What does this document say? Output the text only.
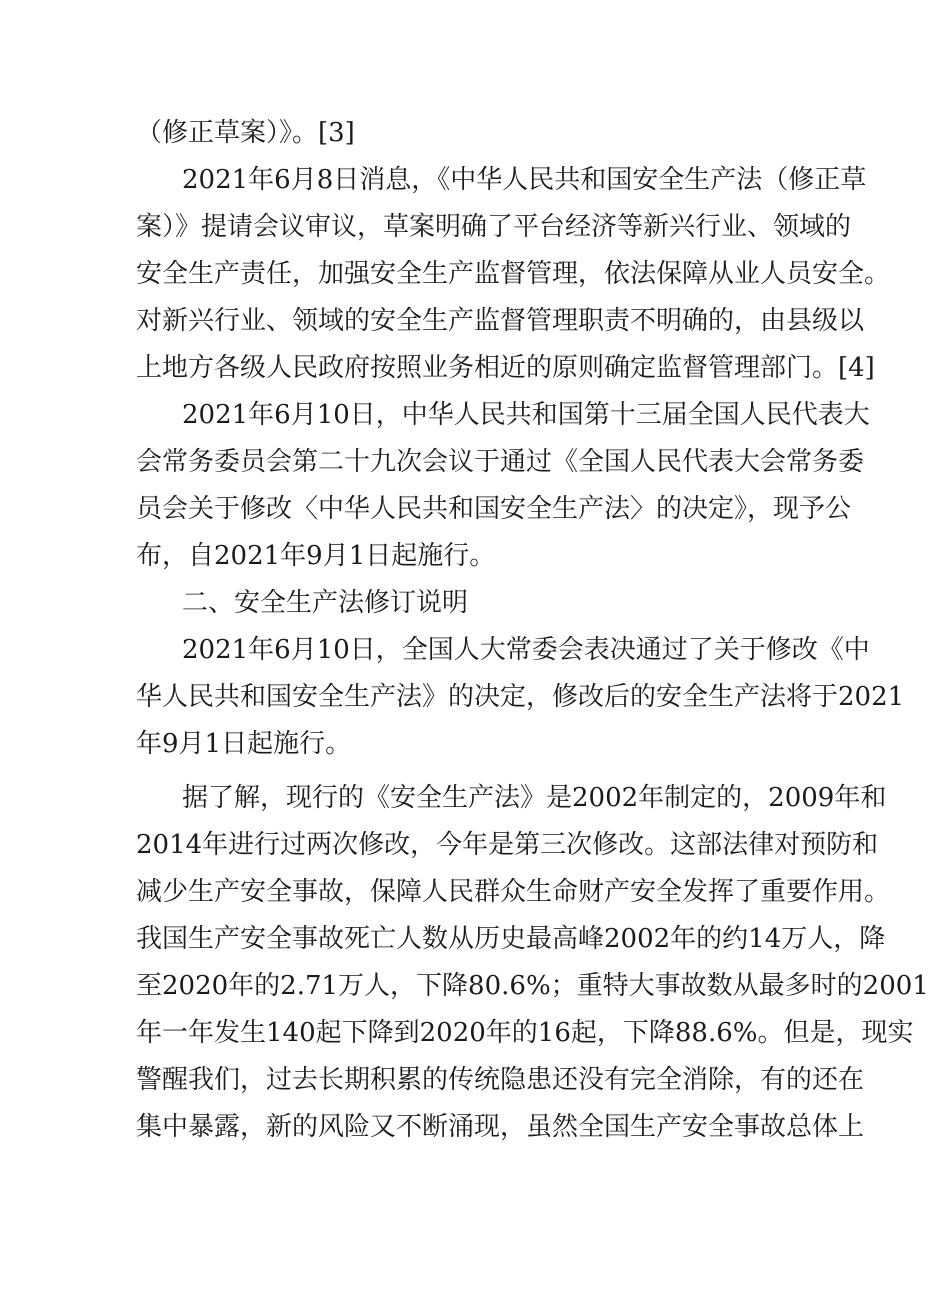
（修正草案）》。[3]
2021年6月8日消息，《中华人民共和国安全生产法（修正草
案）》提请会议审议，草案明确了平台经济等新兴行业、领域的
安全生产责任，加强安全生产监督管理，依法保障从业人员安全。
对新兴行业、领域的安全生产监督管理职责不明确的，由县级以
上地方各级人民政府按照业务相近的原则确定监督管理部门。[4]
2021年6月10日，中华人民共和国第十三届全国人民代表大
会常务委员会第二十九次会议于通过《全国人民代表大会常务委
员会关于修改〈中华人民共和国安全生产法〉的决定》，现予公
布，自2021年9月1日起施行。
二、安全生产法修订说明
2021年6月10日，全国人大常委会表决通过了关于修改《中
华人民共和国安全生产法》的决定，修改后的安全生产法将于2021
年9月1日起施行。
据了解，现行的《安全生产法》是2002年制定的，2009年和
2014年进行过两次修改，今年是第三次修改。这部法律对预防和
减少生产安全事故，保障人民群众生命财产安全发挥了重要作用。
我国生产安全事故死亡人数从历史最高峰2002年的约14万人，降
至2020年的2.71万人，下降80.6%；重特大事故数从最多时的2001
年一年发生140起下降到2020年的16起，下降88.6%。但是，现实
警醒我们，过去长期积累的传统隐患还没有完全消除，有的还在
集中暴露，新的风险又不断涌现，虽然全国生产安全事故总体上
